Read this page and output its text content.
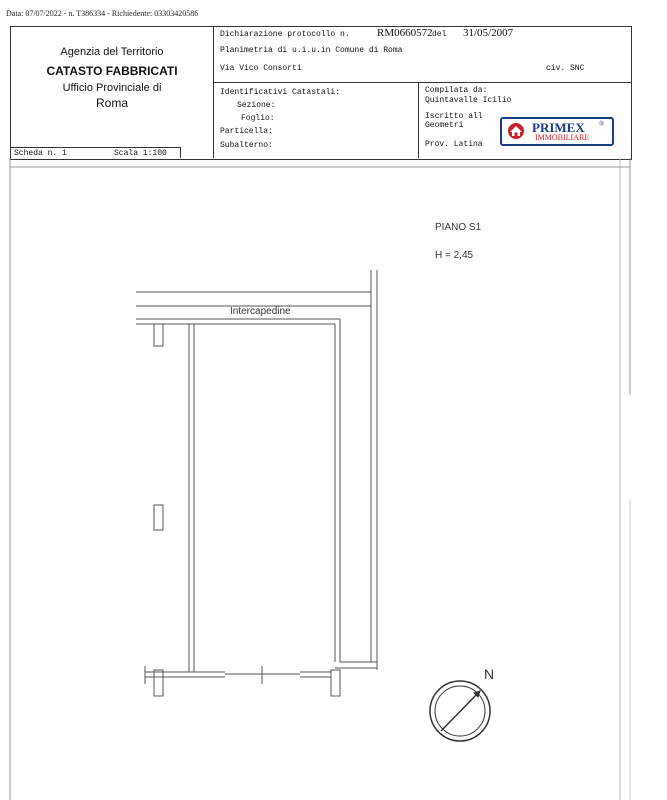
Data: 07/07/2022 - n. T386334 - Richiedente: 03303420586
Agenzia del Territorio
CATASTO FABBRICATI
Ufficio Provinciale di
Roma
Dichiarazione protocollo n. RM0660572 del 31/05/2007
Planimetria di u.i.u.in Comune di Roma
Via Vico Consorti	civ. SNC
Identificativi Catastali:
Sezione:
Foglio:
Particella:
Subalterno:
Compilata da:
Quintavalle Icilio
Iscritto all
Geometri
Prov. Latina
PRIMEX ®
IMMOBILIARE
Scheda n. 1	Scala 1:100
PIANO S1
H = 2,45
Intercapedine
N
